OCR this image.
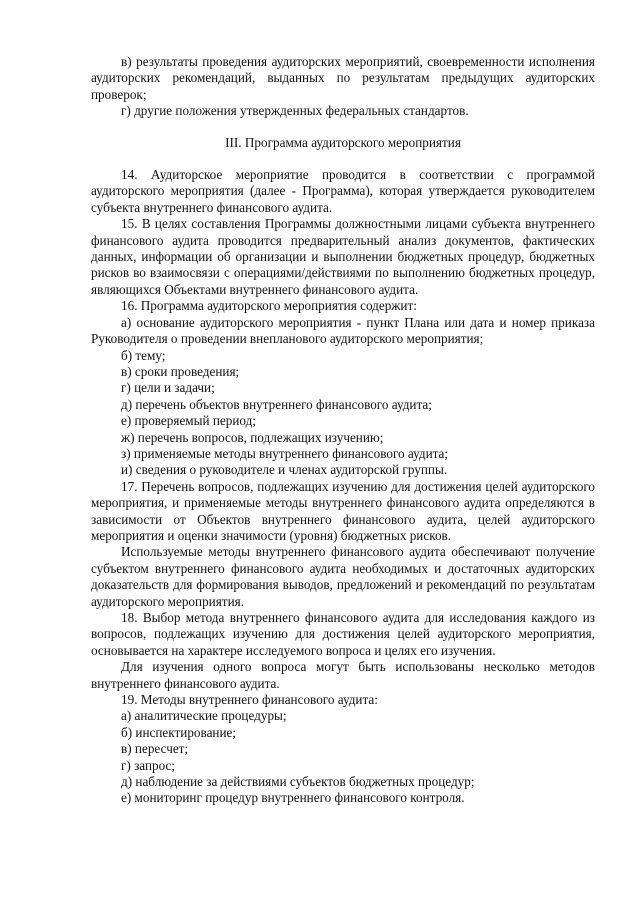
в) результаты проведения аудиторских мероприятий, своевременности исполнения аудиторских рекомендаций, выданных по результатам предыдущих аудиторских проверок;

г) другие положения утвержденных федеральных стандартов.

III. Программа аудиторского мероприятия

14. Аудиторское мероприятие проводится в соответствии с программой аудиторского мероприятия (далее - Программа), которая утверждается руководителем субъекта внутреннего финансового аудита.

15. В целях составления Программы должностными лицами субъекта внутреннего финансового аудита проводится предварительный анализ документов, фактических данных, информации об организации и выполнении бюджетных процедур, бюджетных рисков во взаимосвязи с операциями/действиями по выполнению бюджетных процедур, являющихся Объектами внутреннего финансового аудита.

16. Программа аудиторского мероприятия содержит:

а) основание аудиторского мероприятия - пункт Плана или дата и номер приказа Руководителя о проведении внепланового аудиторского мероприятия;

б) тему;

в) сроки проведения;

г) цели и задачи;

д) перечень объектов внутреннего финансового аудита;

е) проверяемый период;

ж) перечень вопросов, подлежащих изучению;

з) применяемые методы внутреннего финансового аудита;

и) сведения о руководителе и членах аудиторской группы.

17. Перечень вопросов, подлежащих изучению для достижения целей аудиторского мероприятия, и применяемые методы внутреннего финансового аудита определяются в зависимости от Объектов внутреннего финансового аудита, целей аудиторского мероприятия и оценки значимости (уровня) бюджетных рисков.

Используемые методы внутреннего финансового аудита обеспечивают получение субъектом внутреннего финансового аудита необходимых и достаточных аудиторских доказательств для формирования выводов, предложений и рекомендаций по результатам аудиторского мероприятия.

18. Выбор метода внутреннего финансового аудита для исследования каждого из вопросов, подлежащих изучению для достижения целей аудиторского мероприятия, основывается на характере исследуемого вопроса и целях его изучения.

Для изучения одного вопроса могут быть использованы несколько методов внутреннего финансового аудита.

19. Методы внутреннего финансового аудита:

а) аналитические процедуры;

б) инспектирование;

в) пересчет;

г) запрос;

д) наблюдение за действиями субъектов бюджетных процедур;

е) мониторинг процедур внутреннего финансового контроля.
